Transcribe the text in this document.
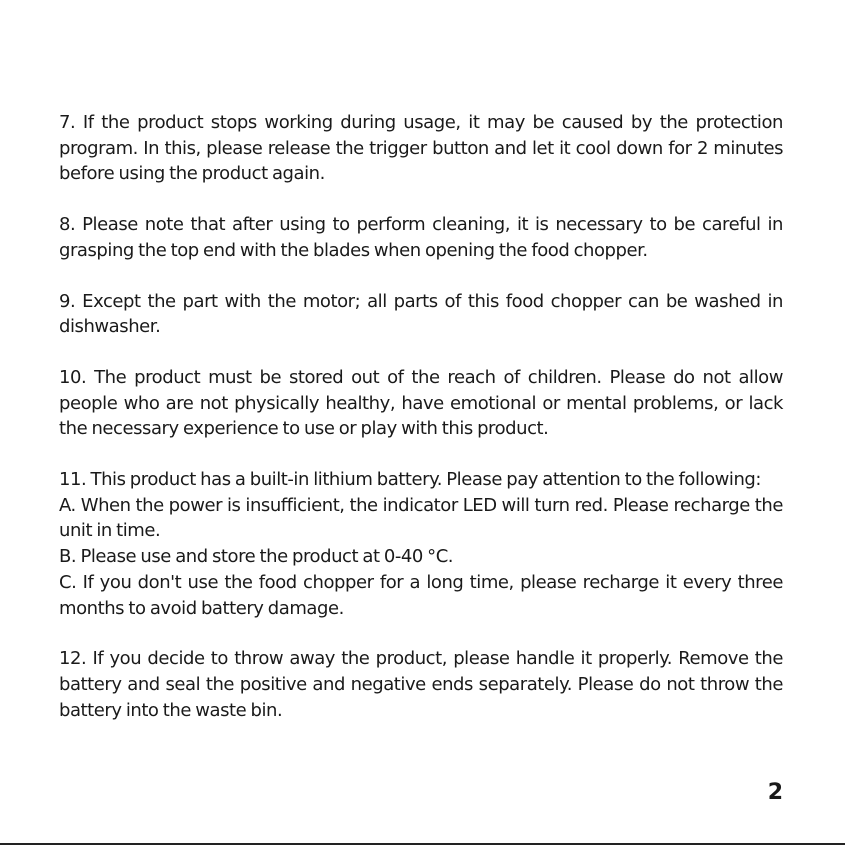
7. If the product stops working during usage, it may be caused by the protection program. In this, please release the trigger button and let it cool down for 2 minutes before using the product again.

8. Please note that after using to perform cleaning, it is necessary to be careful in grasping the top end with the blades when opening the food chopper.

9. Except the part with the motor; all parts of this food chopper can be washed in dishwasher.

10. The product must be stored out of the reach of children. Please do not allow people who are not physically healthy, have emotional or mental problems, or lack the necessary experience to use or play with this product.

11. This product has a built-in lithium battery. Please pay attention to the following:
A. When the power is insufficient, the indicator LED will turn red. Please recharge the unit in time.
B. Please use and store the product at 0-40 °C.
C. If you don't use the food chopper for a long time, please recharge it every three months to avoid battery damage.

12. If you decide to throw away the product, please handle it properly. Remove the battery and seal the positive and negative ends separately. Please do not throw the battery into the waste bin.

2
